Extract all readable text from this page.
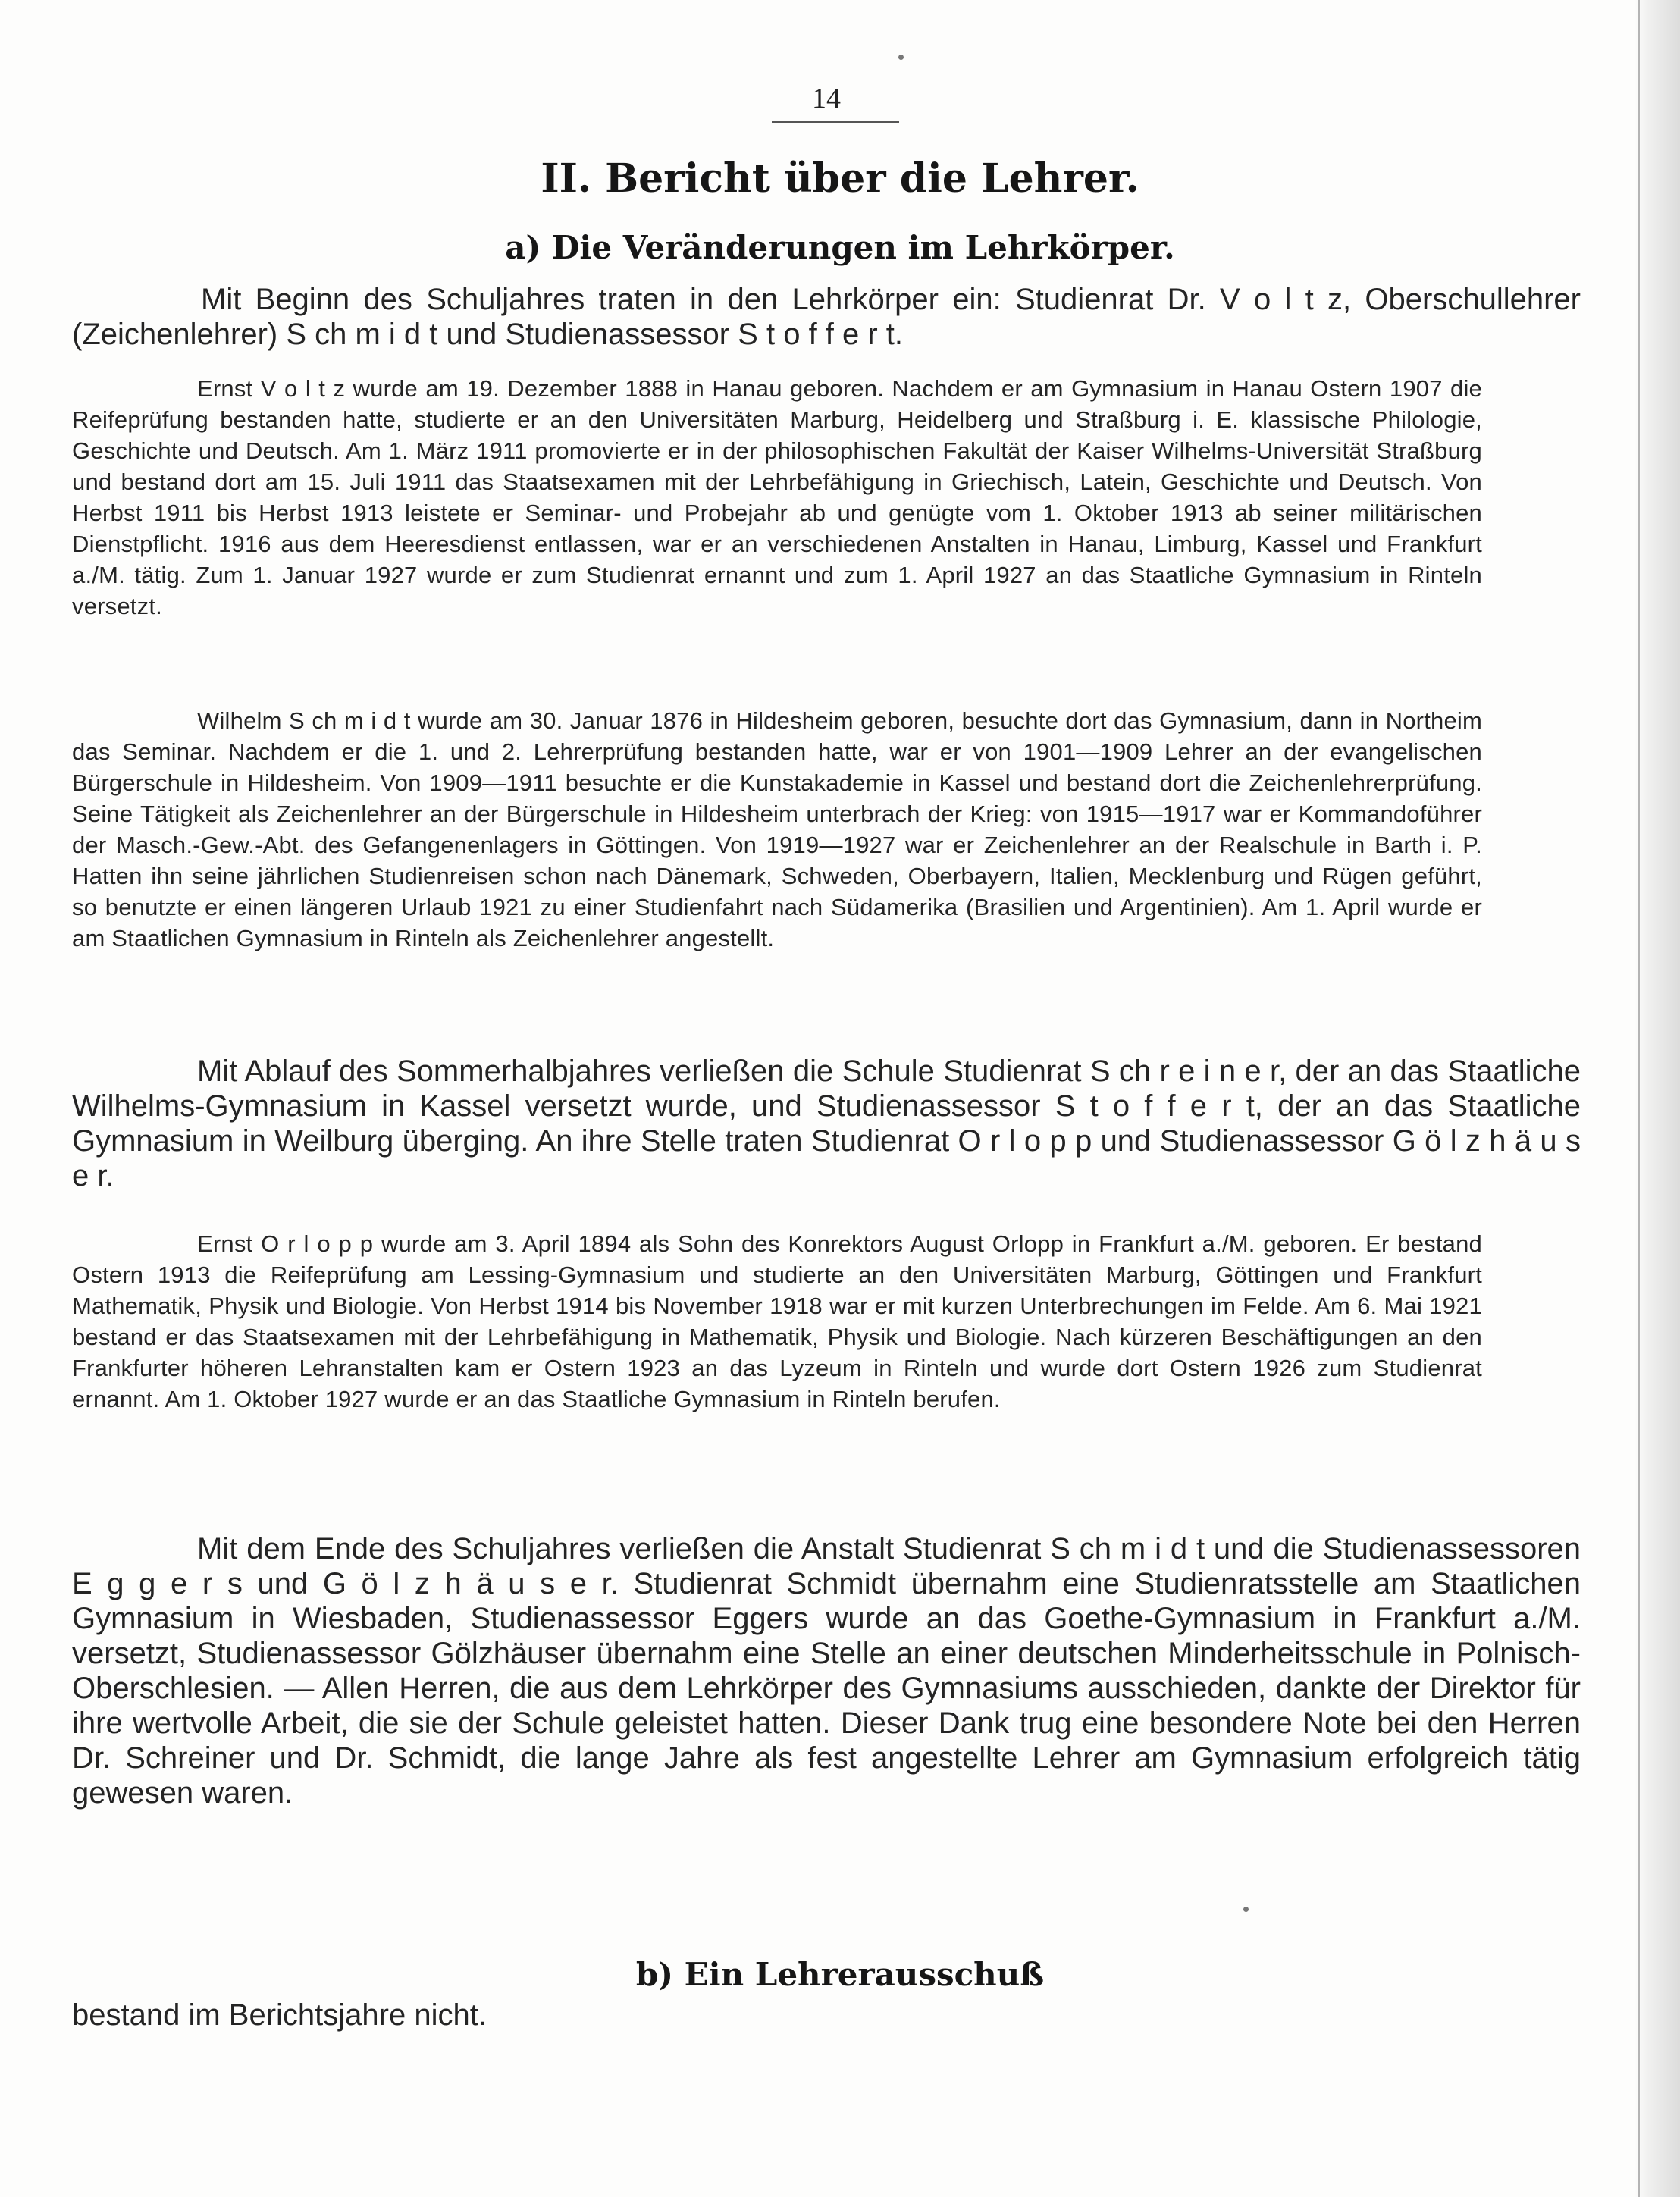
14
II. Bericht über die Lehrer.
a) Die Veränderungen im Lehrkörper.

Mit Beginn des Schuljahres traten in den Lehrkörper ein: Studienrat Dr. V o l t z, Oberschullehrer (Zeichenlehrer) S ch m i d t und Studienassessor S t o f f e r t.

Ernst V o l t z wurde am 19. Dezember 1888 in Hanau geboren. Nachdem er am Gymnasium in Hanau Ostern 1907 die Reifeprüfung bestanden hatte, studierte er an den Universitäten Marburg, Heidelberg und Straßburg i. E. klassische Philologie, Geschichte und Deutsch. Am 1. März 1911 promovierte er in der philosophischen Fakultät der Kaiser Wilhelms-Universität Straßburg und bestand dort am 15. Juli 1911 das Staatsexamen mit der Lehrbefähigung in Griechisch, Latein, Geschichte und Deutsch. Von Herbst 1911 bis Herbst 1913 leistete er Seminar- und Probejahr ab und genügte vom 1. Oktober 1913 ab seiner militärischen Dienstpflicht. 1916 aus dem Heeresdienst entlassen, war er an verschiedenen Anstalten in Hanau, Limburg, Kassel und Frankfurt a./M. tätig. Zum 1. Januar 1927 wurde er zum Studienrat ernannt und zum 1. April 1927 an das Staatliche Gymnasium in Rinteln versetzt.

Wilhelm S ch m i d t wurde am 30. Januar 1876 in Hildesheim geboren, besuchte dort das Gymnasium, dann in Northeim das Seminar. Nachdem er die 1. und 2. Lehrerprüfung bestanden hatte, war er von 1901—1909 Lehrer an der evangelischen Bürgerschule in Hildesheim. Von 1909—1911 besuchte er die Kunstakademie in Kassel und bestand dort die Zeichenlehrerprüfung. Seine Tätigkeit als Zeichenlehrer an der Bürgerschule in Hildesheim unterbrach der Krieg: von 1915—1917 war er Kommandoführer der Masch.-Gew.-Abt. des Gefangenenlagers in Göttingen. Von 1919—1927 war er Zeichenlehrer an der Realschule in Barth i. P. Hatten ihn seine jährlichen Studienreisen schon nach Dänemark, Schweden, Oberbayern, Italien, Mecklenburg und Rügen geführt, so benutzte er einen längeren Urlaub 1921 zu einer Studienfahrt nach Südamerika (Brasilien und Argentinien). Am 1. April wurde er am Staatlichen Gymnasium in Rinteln als Zeichenlehrer angestellt.

Mit Ablauf des Sommerhalbjahres verließen die Schule Studienrat S ch r e i n e r, der an das Staatliche Wilhelms-Gymnasium in Kassel versetzt wurde, und Studienassessor S t o f f e r t, der an das Staatliche Gymnasium in Weilburg überging. An ihre Stelle traten Studienrat O r l o p p und Studienassessor G ö l z h ä u s e r.

Ernst O r l o p p wurde am 3. April 1894 als Sohn des Konrektors August Orlopp in Frankfurt a./M. geboren. Er bestand Ostern 1913 die Reifeprüfung am Lessing-Gymnasium und studierte an den Universitäten Marburg, Göttingen und Frankfurt Mathematik, Physik und Biologie. Von Herbst 1914 bis November 1918 war er mit kurzen Unterbrechungen im Felde. Am 6. Mai 1921 bestand er das Staatsexamen mit der Lehrbefähigung in Mathematik, Physik und Biologie. Nach kürzeren Beschäftigungen an den Frankfurter höheren Lehranstalten kam er Ostern 1923 an das Lyzeum in Rinteln und wurde dort Ostern 1926 zum Studienrat ernannt. Am 1. Oktober 1927 wurde er an das Staatliche Gymnasium in Rinteln berufen.

Mit dem Ende des Schuljahres verließen die Anstalt Studienrat S ch m i d t und die Studienassessoren E g g e r s und G ö l z h ä u s e r. Studienrat Schmidt übernahm eine Studienratsstelle am Staatlichen Gymnasium in Wiesbaden, Studienassessor Eggers wurde an das Goethe-Gymnasium in Frankfurt a./M. versetzt, Studienassessor Gölzhäuser übernahm eine Stelle an einer deutschen Minderheitsschule in Polnisch-Oberschlesien. — Allen Herren, die aus dem Lehrkörper des Gymnasiums ausschieden, dankte der Direktor für ihre wertvolle Arbeit, die sie der Schule geleistet hatten. Dieser Dank trug eine besondere Note bei den Herren Dr. Schreiner und Dr. Schmidt, die lange Jahre als fest angestellte Lehrer am Gymnasium erfolgreich tätig gewesen waren.

b) Ein Lehrerausschuß

bestand im Berichtsjahre nicht.
